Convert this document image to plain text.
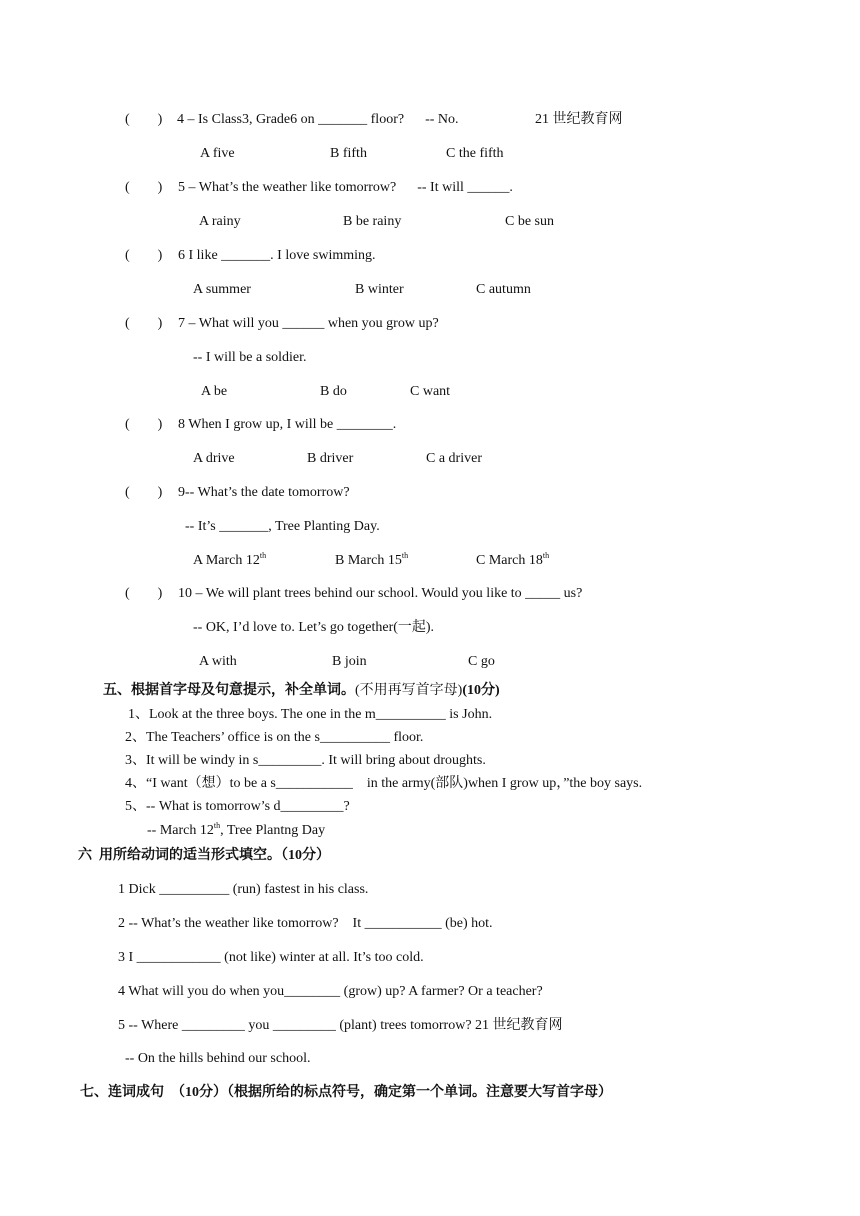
(        ) 4 – Is Class3, Grade6 on _______ floor?      -- No.	21 世纪教育网
A five	B fifth	C the fifth
(        ) 5 – What’s the weather like tomorrow?      -- It will ______.
A rainy	B be rainy	C be sun
(        ) 6 I like _______. I love swimming.
A summer	B winter	C autumn
(        ) 7 – What will you ______ when you grow up?
-- I will be a soldier.
A be	B do	C want
(        ) 8 When I grow up, I will be ________.
A drive	B driver	C a driver
(        ) 9-- What’s the date tomorrow?
-- It’s _______, Tree Planting Day.
A March 12th	B March 15th	C March 18th
(        ) 10 – We will plant trees behind our school. Would you like to _____ us?
-- OK, I’d love to. Let’s go together(一起).
A with	B join	C go
五、根据首字母及句意提示，补全单词。(不用再写首字母)(10分)
1、Look at the three boys. The one in the m__________ is John.
2、The Teachers’ office is on the s__________ floor.
3、It will be windy in s_________. It will bring about droughts.
4、“I want（想）to be a s___________    in the army(部队)when I grow up，”the boy says.
5、-- What is tomorrow’s d_________?
-- March 12th, Tree Plantng Day
六  用所给动词的适当形式填空。（10分）
1 Dick __________ (run) fastest in his class.
2 -- What’s the weather like tomorrow?    It ___________ (be) hot.
3 I ____________ (not like) winter at all. It’s too cold.
4 What will you do when you________ (grow) up? A farmer? Or a teacher?
5 -- Where _________ you _________ (plant) trees tomorrow? 21 世纪教育网
-- On the hills behind our school.
七、连词成句  （10分）（根据所给的标点符号，确定第一个单词。注意要大写首字母）
